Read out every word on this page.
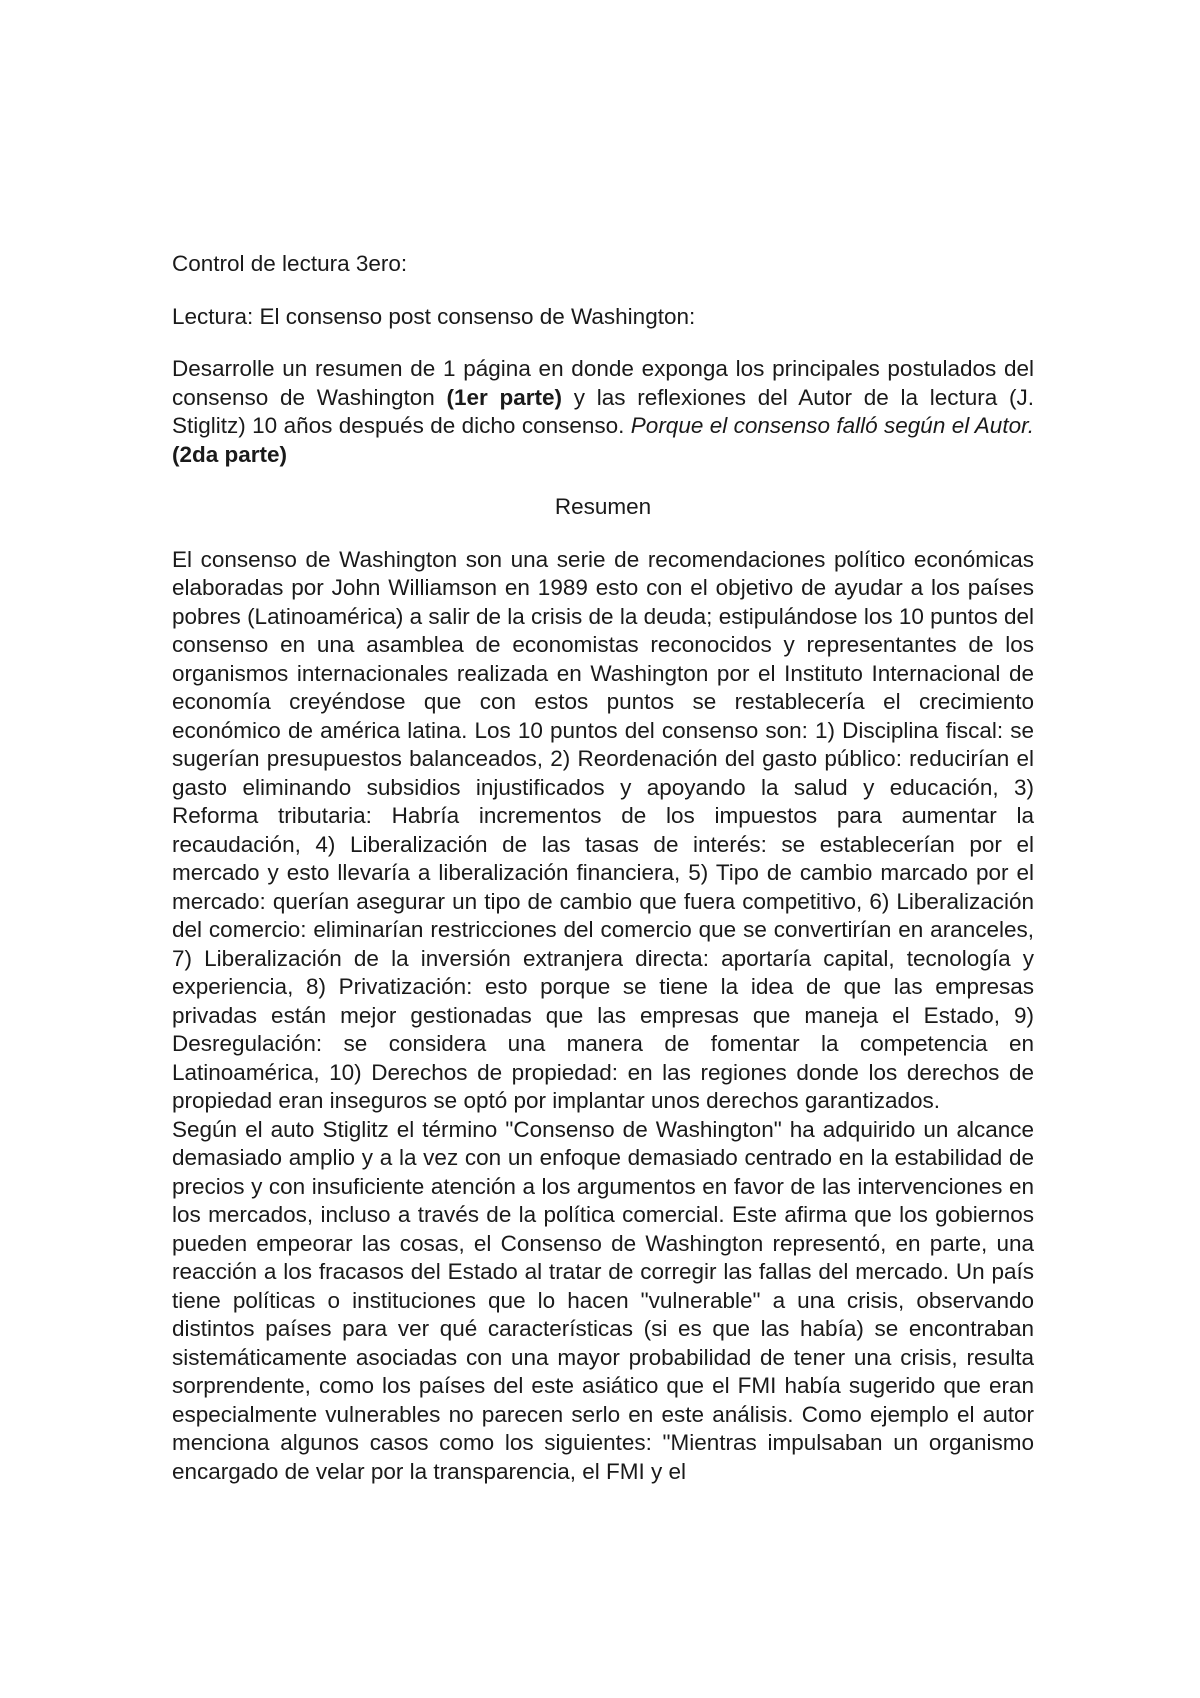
Control de lectura 3ero:

Lectura: El consenso post consenso de Washington:

Desarrolle un resumen de 1 página en donde exponga los principales postulados del consenso de Washington (1er parte) y las reflexiones del Autor de la lectura (J. Stiglitz) 10 años después de dicho consenso. Porque el consenso falló según el Autor. (2da parte)

Resumen

El consenso de Washington son una serie de recomendaciones político económicas elaboradas por John Williamson en 1989 esto con el objetivo de ayudar a los países pobres (Latinoamérica) a salir de la crisis de la deuda; estipulándose los 10 puntos del consenso en una asamblea de economistas reconocidos y representantes de los organismos internacionales realizada en Washington por el Instituto Internacional de economía creyéndose que con estos puntos se restablecería el crecimiento económico de américa latina. Los 10 puntos del consenso son: 1) Disciplina fiscal: se sugerían presupuestos balanceados, 2) Reordenación del gasto público: reducirían el gasto eliminando subsidios injustificados y apoyando la salud y educación, 3) Reforma tributaria: Habría incrementos de los impuestos para aumentar la recaudación, 4) Liberalización de las tasas de interés: se establecerían por el mercado y esto llevaría a liberalización financiera, 5) Tipo de cambio marcado por el mercado: querían asegurar un tipo de cambio que fuera competitivo, 6) Liberalización del comercio: eliminarían restricciones del comercio que se convertirían en aranceles, 7) Liberalización de la inversión extranjera directa: aportaría capital, tecnología y experiencia, 8) Privatización: esto porque se tiene la idea de que las empresas privadas están mejor gestionadas que las empresas que maneja el Estado, 9) Desregulación: se considera una manera de fomentar la competencia en Latinoamérica, 10) Derechos de propiedad: en las regiones donde los derechos de propiedad eran inseguros se optó por implantar unos derechos garantizados.

Según el auto Stiglitz el término "Consenso de Washington" ha adquirido un alcance demasiado amplio y a la vez con un enfoque demasiado centrado en la estabilidad de precios y con insuficiente atención a los argumentos en favor de las intervenciones en los mercados, incluso a través de la política comercial. Este afirma que los gobiernos pueden empeorar las cosas, el Consenso de Washington representó, en parte, una reacción a los fracasos del Estado al tratar de corregir las fallas del mercado. Un país tiene políticas o instituciones que lo hacen "vulnerable" a una crisis, observando distintos países para ver qué características (si es que las había) se encontraban sistemáticamente asociadas con una mayor probabilidad de tener una crisis, resulta sorprendente, como los países del este asiático que el FMI había sugerido que eran especialmente vulnerables no parecen serlo en este análisis. Como ejemplo el autor menciona algunos casos como los siguientes: "Mientras impulsaban un organismo encargado de velar por la transparencia, el FMI y el
